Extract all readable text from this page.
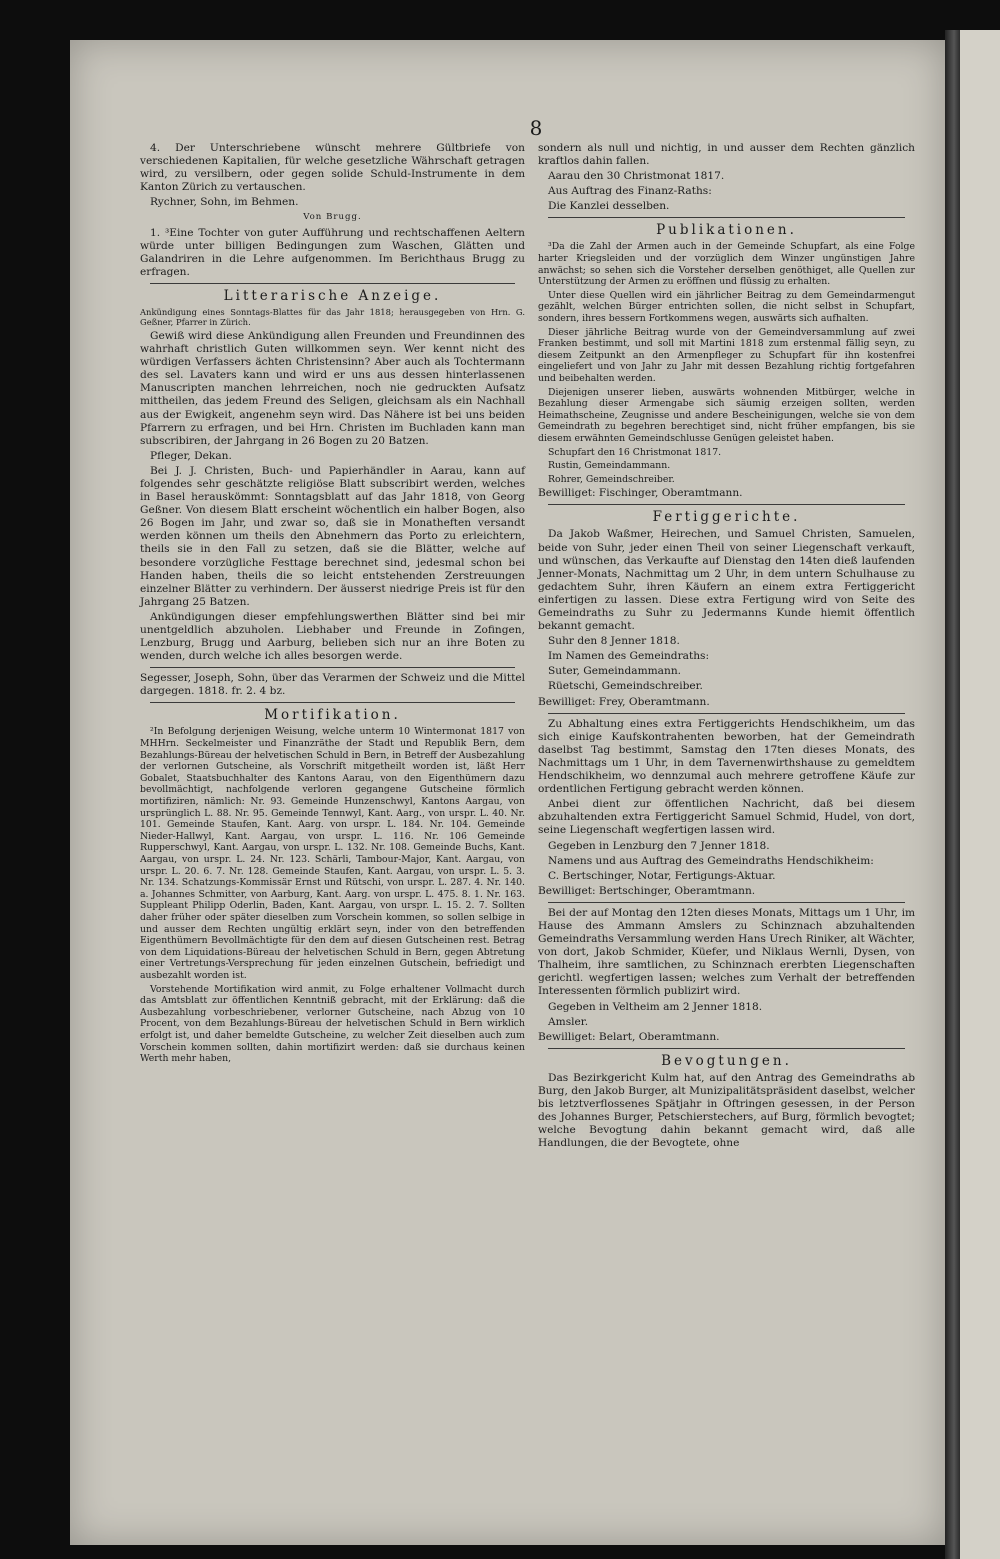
8

4. Der Unterschriebene wünscht mehrere Gültbriefe von verschiedenen Kapitalien, für welche gesetzliche Währschaft getragen wird, zu versilbern, oder gegen solide Schuld-Instrumente in dem Kanton Zürich zu vertauschen.

Rychner, Sohn, im Behmen.

Von Brugg.

1. ³Eine Tochter von guter Aufführung und rechtschaffenen Aeltern würde unter billigen Bedingungen zum Waschen, Glätten und Galandriren in die Lehre aufgenommen. Im Berichthaus Brugg zu erfragen.

Litterarische Anzeige.

Ankündigung eines Sonntags-Blattes für das Jahr 1818; herausgegeben von Hrn. G. Geßner, Pfarrer in Zürich.

Gewiß wird diese Ankündigung allen Freunden und Freundinnen des wahrhaft christlich Guten willkommen seyn. Wer kennt nicht des würdigen Verfassers ächten Christensinn? Aber auch als Tochtermann des sel. Lavaters kann und wird er uns aus dessen hinterlassenen Manuscripten manchen lehrreichen, noch nie gedruckten Aufsatz mittheilen, das jedem Freund des Seligen, gleichsam als ein Nachhall aus der Ewigkeit, angenehm seyn wird. Das Nähere ist bei uns beiden Pfarrern zu erfragen, und bei Hrn. Christen im Buchladen kann man subscribiren, der Jahrgang in 26 Bogen zu 20 Batzen.

Pfleger, Dekan.

Bei J. J. Christen, Buch- und Papierhändler in Aarau, kann auf folgendes sehr geschätzte religiöse Blatt subscribirt werden, welches in Basel herauskömmt: Sonntagsblatt auf das Jahr 1818, von Georg Geßner. Von diesem Blatt erscheint wöchentlich ein halber Bogen, also 26 Bogen im Jahr, und zwar so, daß sie in Monatheften versandt werden können um theils den Abnehmern das Porto zu erleichtern, theils sie in den Fall zu setzen, daß sie die Blätter, welche auf besondere vorzügliche Festtage berechnet sind, jedesmal schon bei Handen haben, theils die so leicht entstehenden Zerstreuungen einzelner Blätter zu verhindern. Der äusserst niedrige Preis ist für den Jahrgang 25 Batzen.

Ankündigungen dieser empfehlungswerthen Blätter sind bei mir unentgeldlich abzuholen. Liebhaber und Freunde in Zofingen, Lenzburg, Brugg und Aarburg, belieben sich nur an ihre Boten zu wenden, durch welche ich alles besorgen werde.

Segesser, Joseph, Sohn, über das Verarmen der Schweiz und die Mittel dargegen. 1818. fr. 2. 4 bz.

Mortifikation.

²In Befolgung derjenigen Weisung, welche unterm 10 Wintermonat 1817 von MHHrn. Seckelmeister und Finanzräthe der Stadt und Republik Bern, dem Bezahlungs-Büreau der helvetischen Schuld in Bern, in Betreff der Ausbezahlung der verlornen Gutscheine, als Vorschrift mitgetheilt worden ist, läßt Herr Gobalet, Staatsbuchhalter des Kantons Aarau, von den Eigenthümern dazu bevollmächtigt, nachfolgende verloren gegangene Gutscheine förmlich mortifiziren, nämlich: Nr. 93. Gemeinde Hunzenschwyl, Kantons Aargau, von ursprünglich L. 88. Nr. 95. Gemeinde Tennwyl, Kant. Aarg., von urspr. L. 40. Nr. 101. Gemeinde Staufen, Kant. Aarg. von urspr. L. 184. Nr. 104. Gemeinde Nieder-Hallwyl, Kant. Aargau, von urspr. L. 116. Nr. 106 Gemeinde Rupperschwyl, Kant. Aargau, von urspr. L. 132. Nr. 108. Gemeinde Buchs, Kant. Aargau, von urspr. L. 24. Nr. 123. Schärli, Tambour-Major, Kant. Aargau, von urspr. L. 20. 6. 7. Nr. 128. Gemeinde Staufen, Kant. Aargau, von urspr. L. 5. 3. Nr. 134. Schatzungs-Kommissär Ernst und Rütschi, von urspr. L. 287. 4. Nr. 140. a. Johannes Schmitter, von Aarburg, Kant. Aarg. von urspr. L. 475. 8. 1. Nr. 163. Suppleant Philipp Oderlin, Baden, Kant. Aargau, von urspr. L. 15. 2. 7. Sollten daher früher oder später dieselben zum Vorschein kommen, so sollen selbige in und ausser dem Rechten ungültig erklärt seyn, inder von den betreffenden Eigenthümern Bevollmächtigte für den dem auf diesen Gutscheinen rest. Betrag von dem Liquidations-Büreau der helvetischen Schuld in Bern, gegen Abtretung einer Vertretungs-Versprechung für jeden einzelnen Gutschein, befriedigt und ausbezahlt worden ist.

Vorstehende Mortifikation wird anmit, zu Folge erhaltener Vollmacht durch das Amtsblatt zur öffentlichen Kenntniß gebracht, mit der Erklärung: daß die Ausbezahlung vorbeschriebener, verlorner Gutscheine, nach Abzug von 10 Procent, von dem Bezahlungs-Büreau der helvetischen Schuld in Bern wirklich erfolgt ist, und daher bemeldte Gutscheine, zu welcher Zeit dieselben auch zum Vorschein kommen sollten, dahin mortifizirt werden: daß sie durchaus keinen Werth mehr haben,

sondern als null und nichtig, in und ausser dem Rechten gänzlich kraftlos dahin fallen.

Aarau den 30 Christmonat 1817.

Aus Auftrag des Finanz-Raths:

Die Kanzlei desselben.

Publikationen.

³Da die Zahl der Armen auch in der Gemeinde Schupfart, als eine Folge harter Kriegsleiden und der vorzüglich dem Winzer ungünstigen Jahre anwächst; so sehen sich die Vorsteher derselben genöthiget, alle Quellen zur Unterstützung der Armen zu eröffnen und flüssig zu erhalten.

Unter diese Quellen wird ein jährlicher Beitrag zu dem Gemeindarmengut gezählt, welchen Bürger entrichten sollen, die nicht selbst in Schupfart, sondern, ihres bessern Fortkommens wegen, auswärts sich aufhalten.

Dieser jährliche Beitrag wurde von der Gemeindversammlung auf zwei Franken bestimmt, und soll mit Martini 1818 zum erstenmal fällig seyn, zu diesem Zeitpunkt an den Armenpfleger zu Schupfart für ihn kostenfrei eingeliefert und von Jahr zu Jahr mit dessen Bezahlung richtig fortgefahren und beibehalten werden.

Diejenigen unserer lieben, auswärts wohnenden Mitbürger, welche in Bezahlung dieser Armengabe sich säumig erzeigen sollten, werden Heimathscheine, Zeugnisse und andere Bescheinigungen, welche sie von dem Gemeindrath zu begehren berechtiget sind, nicht früher empfangen, bis sie diesem erwähnten Gemeindschlusse Genügen geleistet haben.

Schupfart den 16 Christmonat 1817.

Rustin, Gemeindammann.

Rohrer, Gemeindschreiber.

Bewilliget: Fischinger, Oberamtmann.

Fertiggerichte.

Da Jakob Waßmer, Heirechen, und Samuel Christen, Samuelen, beide von Suhr, jeder einen Theil von seiner Liegenschaft verkauft, und wünschen, das Verkaufte auf Dienstag den 14ten dieß laufenden Jenner-Monats, Nachmittag um 2 Uhr, in dem untern Schulhause zu gedachtem Suhr, ihren Käufern an einem extra Fertiggericht einfertigen zu lassen. Diese extra Fertigung wird von Seite des Gemeindraths zu Suhr zu Jedermanns Kunde hiemit öffentlich bekannt gemacht.

Suhr den 8 Jenner 1818.

Im Namen des Gemeindraths:

Suter, Gemeindammann.

Rüetschi, Gemeindschreiber.

Bewilliget: Frey, Oberamtmann.

Zu Abhaltung eines extra Fertiggerichts Hendschikheim, um das sich einige Kaufskontrahenten beworben, hat der Gemeindrath daselbst Tag bestimmt, Samstag den 17ten dieses Monats, des Nachmittags um 1 Uhr, in dem Tavernenwirthshause zu gemeldtem Hendschikheim, wo dennzumal auch mehrere getroffene Käufe zur ordentlichen Fertigung gebracht werden können.

Anbei dient zur öffentlichen Nachricht, daß bei diesem abzuhaltenden extra Fertiggericht Samuel Schmid, Hudel, von dort, seine Liegenschaft wegfertigen lassen wird.

Gegeben in Lenzburg den 7 Jenner 1818.

Namens und aus Auftrag des Gemeindraths Hendschikheim:

C. Bertschinger, Notar, Fertigungs-Aktuar.

Bewilliget: Bertschinger, Oberamtmann.

Bei der auf Montag den 12ten dieses Monats, Mittags um 1 Uhr, im Hause des Ammann Amslers zu Schinznach abzuhaltenden Gemeindraths Versammlung werden Hans Urech Riniker, alt Wächter, von dort, Jakob Schmider, Küefer, und Niklaus Wernli, Dysen, von Thalheim, ihre samtlichen, zu Schinznach ererbten Liegenschaften gerichtl. wegfertigen lassen; welches zum Verhalt der betreffenden Interessenten förmlich publizirt wird.

Gegeben in Veltheim am 2 Jenner 1818.

Amsler.

Bewilliget: Belart, Oberamtmann.

Bevogtungen.

Das Bezirkgericht Kulm hat, auf den Antrag des Gemeindraths ab Burg, den Jakob Burger, alt Munizipalitätspräsident daselbst, welcher bis letztverflossenes Spätjahr in Oftringen gesessen, in der Person des Johannes Burger, Petschierstechers, auf Burg, förmlich bevogtet; welche Bevogtung dahin bekannt gemacht wird, daß alle Handlungen, die der Bevogtete, ohne
